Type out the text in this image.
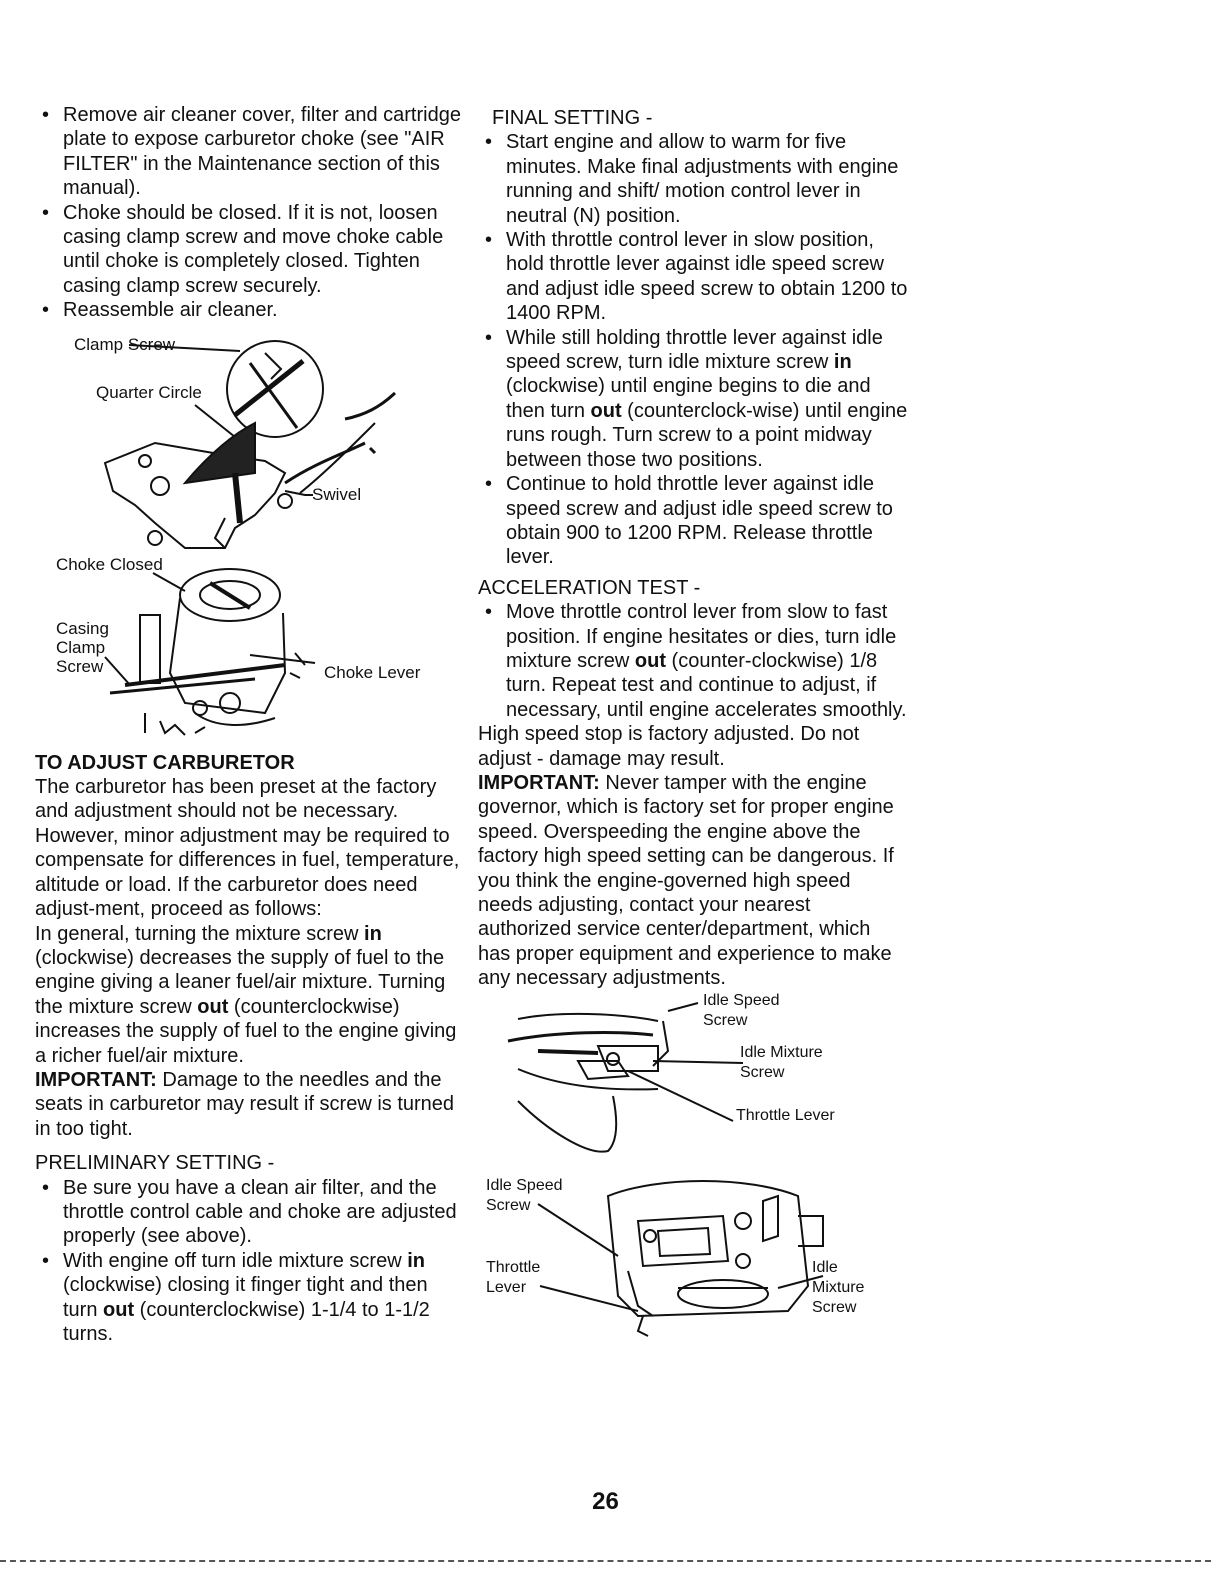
• Remove air cleaner cover, filter and cartridge plate to expose carburetor choke (see "AIR FILTER" in the Maintenance section of this manual).
• Choke should be closed. If it is not, loosen casing clamp screw and move choke cable until choke is completely closed. Tighten casing clamp screw securely.
• Reassemble air cleaner.
Clamp Screw
Quarter Circle
Swivel
Choke Closed
Casing
Clamp
Screw	Choke Lever

TO ADJUST CARBURETOR

The carburetor has been preset at the factory and adjustment should not be necessary. However, minor adjustment may be required to compensate for differences in fuel, temperature, altitude or load. If the carburetor does need adjust-ment, proceed as follows:

In general, turning the mixture screw in (clockwise) decreases the supply of fuel to the engine giving a leaner fuel/air mixture. Turning the mixture screw out (counterclockwise) increases the supply of fuel to the engine giving a richer fuel/air mixture.

IMPORTANT: Damage to the needles and the seats in carburetor may result if screw is turned in too tight.

PRELIMINARY SETTING -

• Be sure you have a clean air filter, and the throttle control cable and choke are adjusted properly (see above).
• With engine off turn idle mixture screw in (clockwise) closing it finger tight and then turn out (counterclockwise) 1-1/4 to 1-1/2 turns.

FINAL SETTING -

• Start engine and allow to warm for five minutes. Make final adjustments with engine running and shift/ motion control lever in neutral (N) position.
• With throttle control lever in slow position, hold throttle lever against idle speed screw and adjust idle speed screw to obtain 1200 to 1400 RPM.
• While still holding throttle lever against idle speed screw, turn idle mixture screw in (clockwise) until engine begins to die and then turn out (counterclock-wise) until engine runs rough. Turn screw to a point midway between those two positions.
• Continue to hold throttle lever against idle speed screw and adjust idle speed screw to obtain 900 to 1200 RPM. Release throttle lever.

ACCELERATION TEST -

• Move throttle control lever from slow to fast position. If engine hesitates or dies, turn idle mixture screw out (counter-clockwise) 1/8 turn. Repeat test and continue to adjust, if necessary, until engine accelerates smoothly.

High speed stop is factory adjusted. Do not adjust - damage may result.

IMPORTANT: Never tamper with the engine governor, which is factory set for proper engine speed. Overspeeding the engine above the factory high speed setting can be dangerous. If you think the engine-governed high speed needs adjusting, contact your nearest authorized service center/department, which has proper equipment and experience to make any necessary adjustments.

Idle Speed
Screw
Idle Mixture
Screw
Throttle Lever
Idle Speed
Screw
Throttle
Lever
Idle
Mixture
Screw
26
